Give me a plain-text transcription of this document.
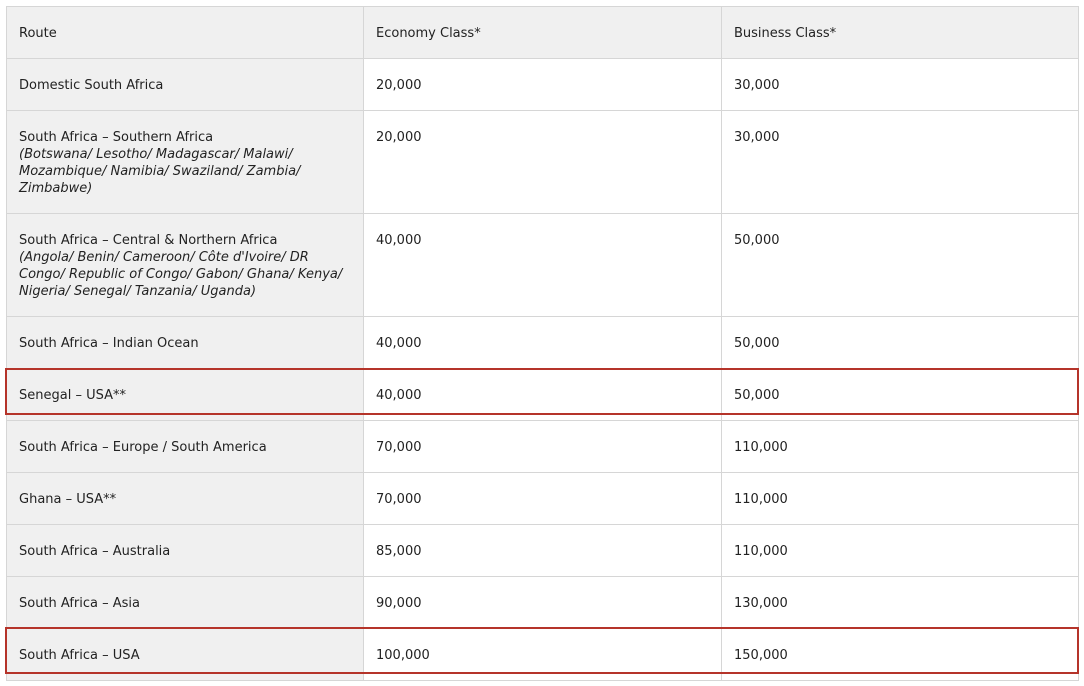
Route	Economy Class*	Business Class*
Domestic South Africa	20,000	30,000
South Africa – Southern Africa
(Botswana/ Lesotho/ Madagascar/ Malawi/ Mozambique/ Namibia/ Swaziland/ Zambia/ Zimbabwe)
20,000	30,000
South Africa – Central & Northern Africa
(Angola/ Benin/ Cameroon/ Côte d'Ivoire/ DR Congo/ Republic of Congo/ Gabon/ Ghana/ Kenya/ Nigeria/ Senegal/ Tanzania/ Uganda)
40,000	50,000
South Africa – Indian Ocean	40,000	50,000
Senegal – USA**	40,000	50,000
South Africa – Europe / South America	70,000	110,000
Ghana – USA**	70,000	110,000
South Africa – Australia	85,000	110,000
South Africa – Asia	90,000	130,000
South Africa – USA	100,000	150,000
